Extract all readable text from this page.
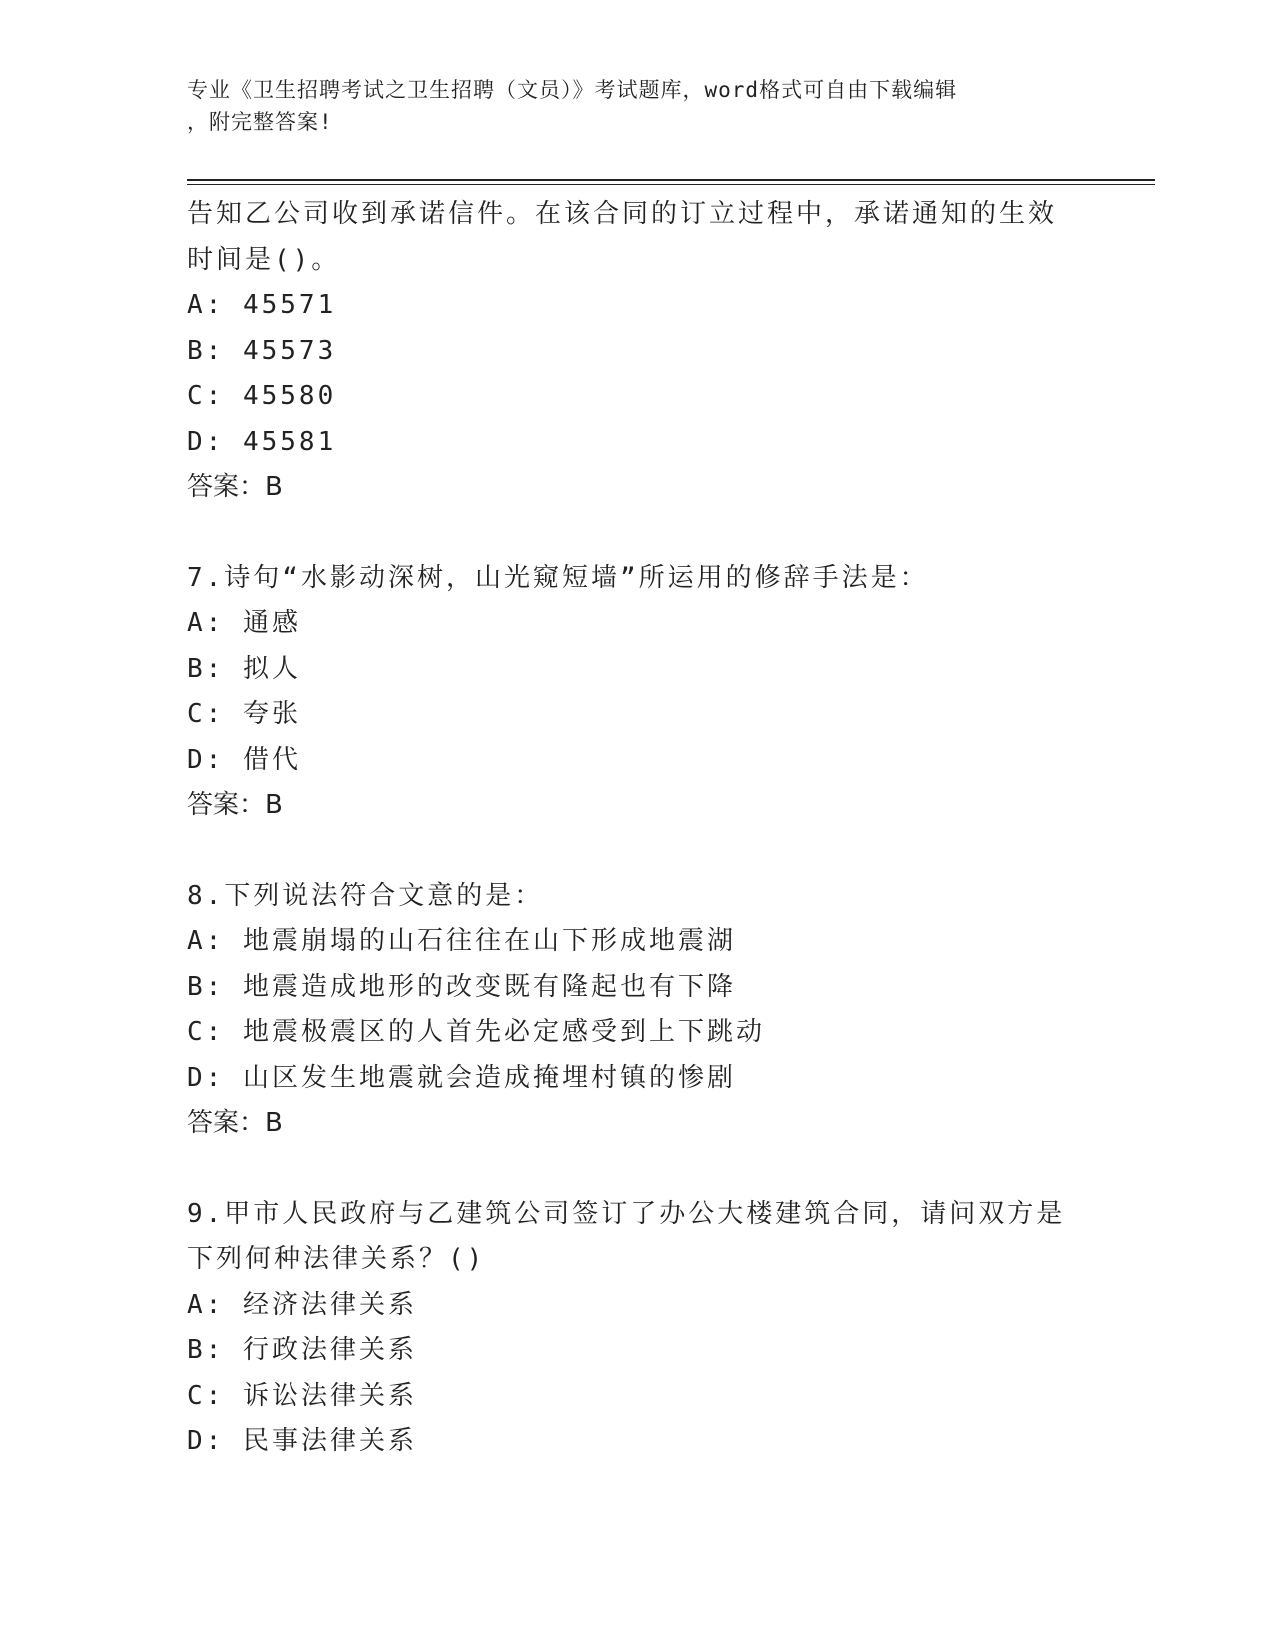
专业《卫生招聘考试之卫生招聘（文员）》考试题库，word格式可自由下载编辑
，附完整答案!
告知乙公司收到承诺信件。在该合同的订立过程中，承诺通知的生效
时间是()。
A: 45571
B: 45573
C: 45580
D: 45581
答案：B
7.诗句“水影动深树，山光窥短墙”所运用的修辞手法是：
A: 通感
B: 拟人
C: 夸张
D: 借代
答案：B
8.下列说法符合文意的是：
A: 地震崩塌的山石往往在山下形成地震湖
B: 地震造成地形的改变既有隆起也有下降
C: 地震极震区的人首先必定感受到上下跳动
D: 山区发生地震就会造成掩埋村镇的惨剧
答案：B
9.甲市人民政府与乙建筑公司签订了办公大楼建筑合同，请问双方是
下列何种法律关系？()
A: 经济法律关系
B: 行政法律关系
C: 诉讼法律关系
D: 民事法律关系
